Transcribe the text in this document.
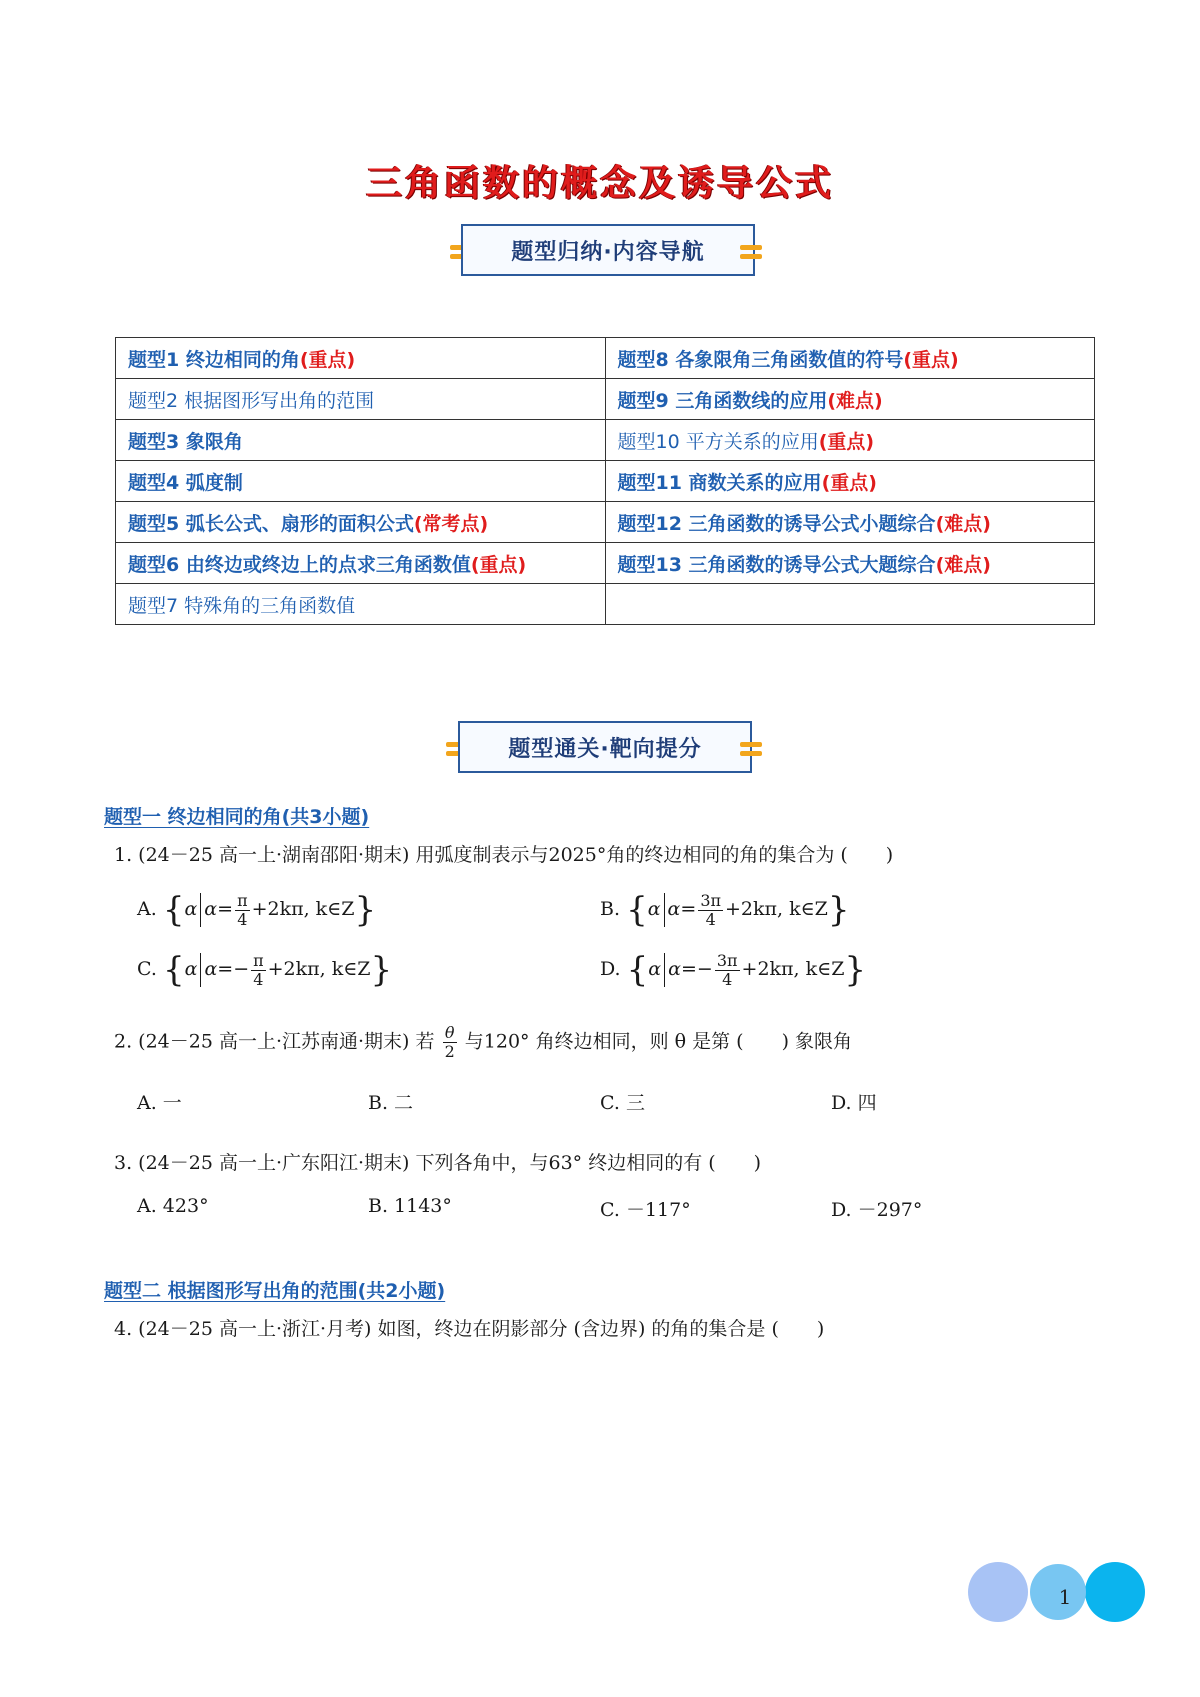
三角函数的概念及诱导公式
题型归纳·内容导航
题型1 终边相同的角(重点)	题型8 各象限角三角函数值的符号(重点)
题型2 根据图形写出角的范围	题型9 三角函数线的应用(难点)
题型3 象限角	题型10 平方关系的应用(重点)
题型4 弧度制	题型11 商数关系的应用(重点)
题型5 弧长公式、扇形的面积公式(常考点)	题型12 三角函数的诱导公式小题综合(难点)
题型6 由终边或终边上的点求三角函数值(重点)	题型13 三角函数的诱导公式大题综合(难点)
题型7 特殊角的三角函数值	
题型通关·靶向提分
题型一 终边相同的角(共3小题)
1. (24－25 高一上·湖南邵阳·期末) 用弧度制表示与2025°角的终边相同的角的集合为 (　　)
A. {α $\alpha= \frac{\pi}{4} +2k\pi$, k∈Z}	B. {α $\alpha= \frac{3\pi}{4} +2k\pi$, k∈Z}
C. {α $\alpha=- \frac{\pi}{4} +2k\pi$, k∈Z}	D. {α $\alpha=- \frac{3\pi}{4} +2k\pi$, k∈Z}
2. (24－25 高一上·江苏南通·期末) 若 $\frac{\theta}{2}$ 与120° 角终边相同，则 θ 是第 (　　) 象限角
A. 一	B. 二	C. 三	D. 四
3. (24－25 高一上·广东阳江·期末) 下列各角中，与63° 终边相同的有 (　　)
A. 423°	B. 1143°	C. －117°	D. －297°
题型二 根据图形写出角的范围(共2小题)
4. (24－25 高一上·浙江·月考) 如图，终边在阴影部分 (含边界) 的角的集合是 (　　)
1
